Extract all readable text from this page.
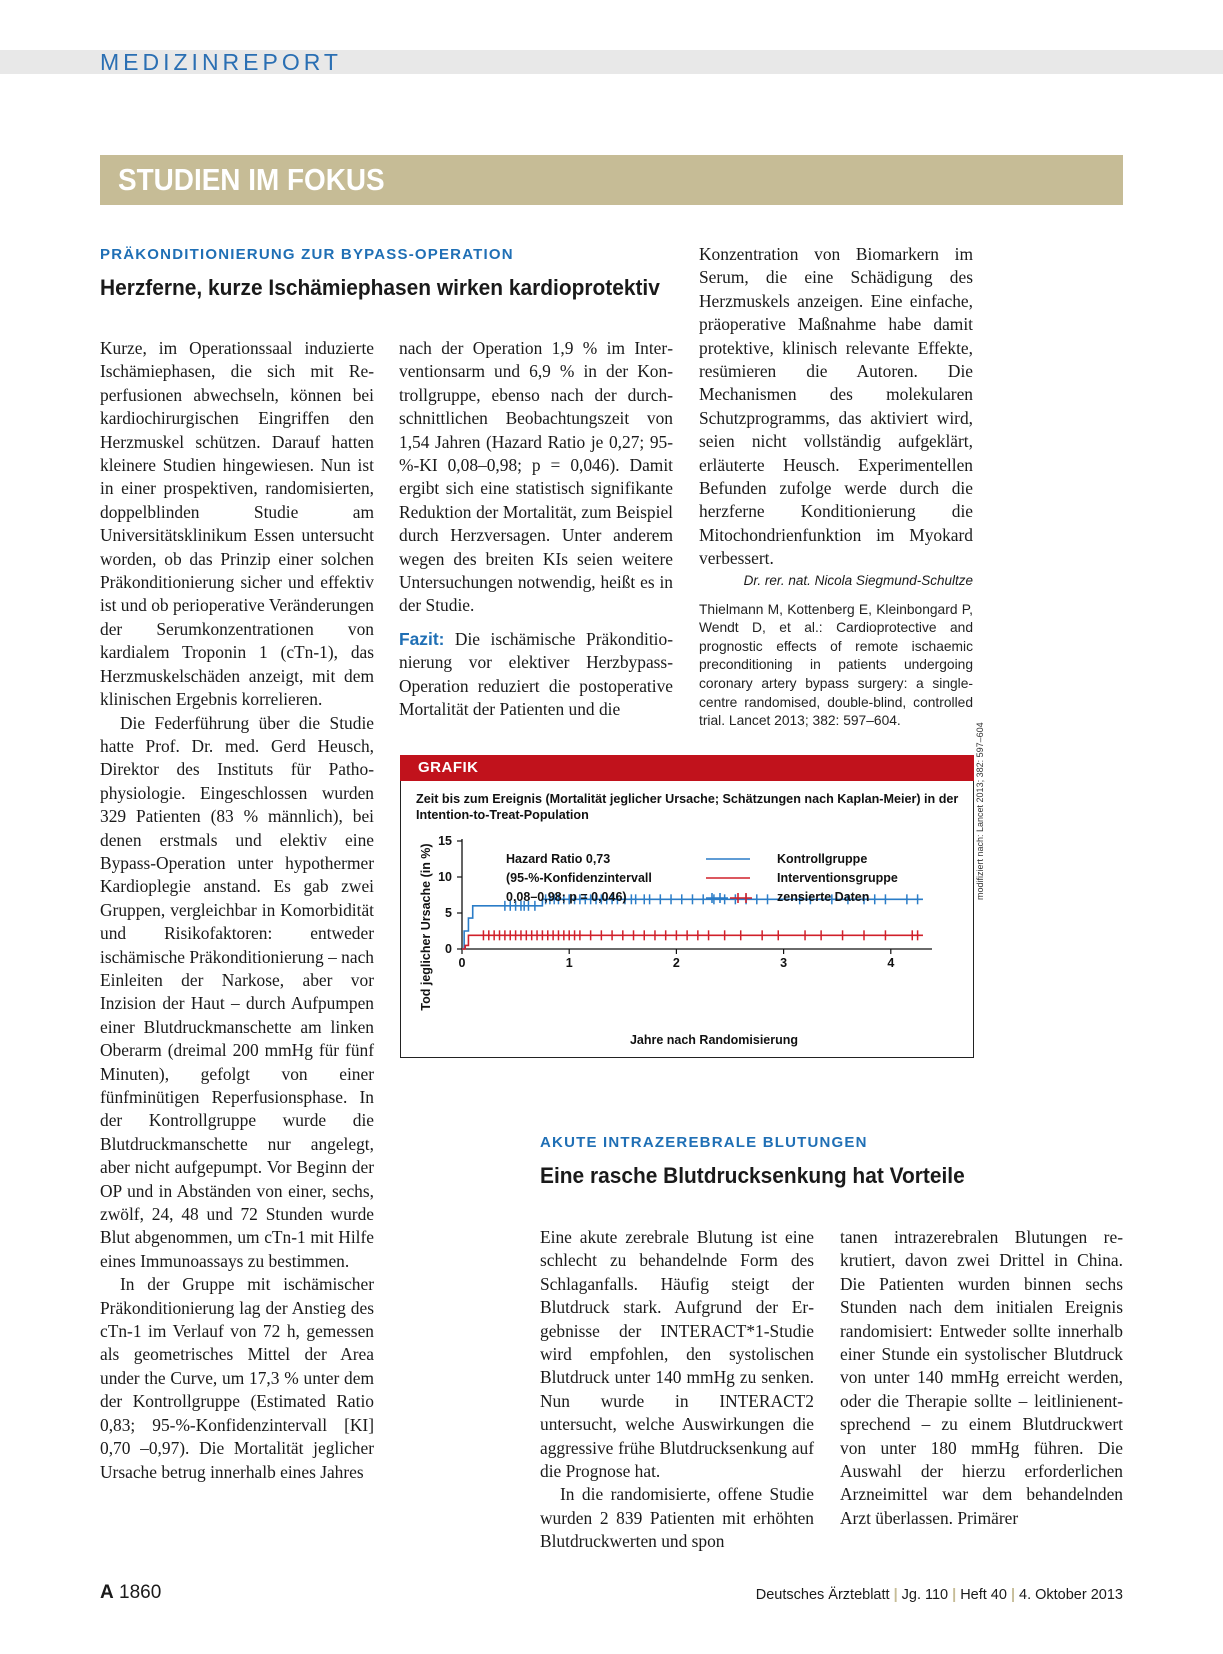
MEDIZINREPORT
STUDIEN IM FOKUS
PRÄKONDITIONIERUNG ZUR BYPASS-OPERATION
Herzferne, kurze Ischämiephasen wirken kardioprotektiv

Kurze, im Operationssaal induzierte Ischämiephasen, die sich mit Reperfusionen abwechseln, können bei kardiochirurgischen Eingriffen den Herzmuskel schützen. Darauf hatten kleinere Studien hingewiesen. Nun ist in einer prospektiven, randomisierten, doppelblinden Studie am Universitätsklinikum Essen untersucht worden, ob das Prinzip einer solchen Präkonditionierung sicher und effektiv ist und ob perioperative Veränderungen der Serumkonzentrationen von kardialem Troponin 1 (cTn-1), das Herzmuskelschäden anzeigt, mit dem klinischen Ergebnis korrelieren.

Die Federführung über die Studie hatte Prof. Dr. med. Gerd Heusch, Direktor des Instituts für Pathophysiologie. Eingeschlossen wurden 329 Patienten (83 % männlich), bei denen erstmals und elektiv eine Bypass-Operation unter hypothermer Kardioplegie anstand. Es gab zwei Gruppen, vergleichbar in Komorbidität und Risikofaktoren: entweder ischämische Präkonditionierung – nach Einleiten der Narkose, aber vor Inzision der Haut – durch Aufpumpen einer Blutdruckmanschette am linken Oberarm (dreimal 200 mmHg für fünf Minuten), gefolgt von einer fünfminütigen Reperfusionsphase. In der Kontrollgruppe wurde die Blutdruckmanschette nur angelegt, aber nicht aufgepumpt. Vor Beginn der OP und in Abständen von einer, sechs, zwölf, 24, 48 und 72 Stunden wurde Blut abgenommen, um cTn-1 mit Hilfe eines Immunoassays zu bestimmen.

In der Gruppe mit ischämischer Präkonditionierung lag der Anstieg des cTn-1 im Verlauf von 72 h, gemessen als geometrisches Mittel der Area under the Curve, um 17,3 % unter dem der Kontrollgruppe (Estimated Ratio 0,83; 95-%-Konfidenzintervall [KI] 0,70 –0,97). Die Mortalität jeglicher Ursache betrug innerhalb eines Jahres

nach der Operation 1,9 % im Interventionsarm und 6,9 % in der Kontrollgruppe, ebenso nach der durchschnittlichen Beobachtungszeit von 1,54 Jahren (Hazard Ratio je 0,27; 95-%-KI 0,08–0,98; p = 0,046). Damit ergibt sich eine statistisch signifikante Reduktion der Mortalität, zum Beispiel durch Herzversagen. Unter anderem wegen des breiten KIs seien weitere Untersuchungen notwendig, heißt es in der Studie.

Fazit: Die ischämische Präkonditionierung vor elektiver Herzbypass-Operation reduziert die postoperative Mortalität der Patienten und die

Konzentration von Biomarkern im Serum, die eine Schädigung des Herzmuskels anzeigen. Eine einfache, präoperative Maßnahme habe damit protektive, klinisch relevante Effekte, resümieren die Autoren. Die Mechanismen des molekularen Schutzprogramms, das aktiviert wird, seien nicht vollständig aufgeklärt, erläuterte Heusch. Experimentellen Befunden zufolge werde durch die herzferne Konditionierung die Mitochondrienfunktion im Myokard verbessert.

Dr. rer. nat. Nicola Siegmund-Schultze
Thielmann M, Kottenberg E, Kleinbongard P, Wendt D, et al.: Cardioprotective and prognostic effects of remote ischaemic preconditioning in patients undergoing coronary artery bypass surgery: a single-centre randomised, double-blind, controlled trial. Lancet 2013; 382: 597–604.
GRAFIK
Zeit bis zum Ereignis (Mortalität jeglicher Ursache; Schätzungen nach Kaplan-Meier) in der Intention-to-Treat-Population
0
5
10
15
0	1	2	3	4
Tod jeglicher Ursache (in %)
Jahre nach Randomisierung
Hazard Ratio 0,73
(95-%-Konfidenzintervall
0,08–0,98; p = 0,046)
Kontrollgruppe
Interventionsgruppe
zensierte Daten	modifiziert nach: Lancet 2013; 382: 597–604
AKUTE INTRAZEREBRALE BLUTUNGEN
Eine rasche Blutdrucksenkung hat Vorteile

Eine akute zerebrale Blutung ist eine schlecht zu behandelnde Form des Schlaganfalls. Häufig steigt der Blutdruck stark. Aufgrund der Ergebnisse der INTERACT*1-Studie wird empfohlen, den systolischen Blutdruck unter 140 mmHg zu senken. Nun wurde in INTERACT2 untersucht, welche Auswirkungen die aggressive frühe Blutdrucksenkung auf die Prognose hat.

In die randomisierte, offene Studie wurden 2 839 Patienten mit erhöhten Blutdruckwerten und spon

tanen intrazerebralen Blutungen rekrutiert, davon zwei Drittel in China. Die Patienten wurden binnen sechs Stunden nach dem initialen Ereignis randomisiert: Entweder sollte innerhalb einer Stunde ein systolischer Blutdruck von unter 140 mmHg erreicht werden, oder die Therapie sollte – leitlinienentsprechend – zu einem Blutdruckwert von unter 180 mmHg führen. Die Auswahl der hierzu erforderlichen Arzneimittel war dem behandelnden Arzt überlassen. Primärer

A 1860	Deutsches Ärzteblatt | Jg. 110 | Heft 40 | 4. Oktober 2013
